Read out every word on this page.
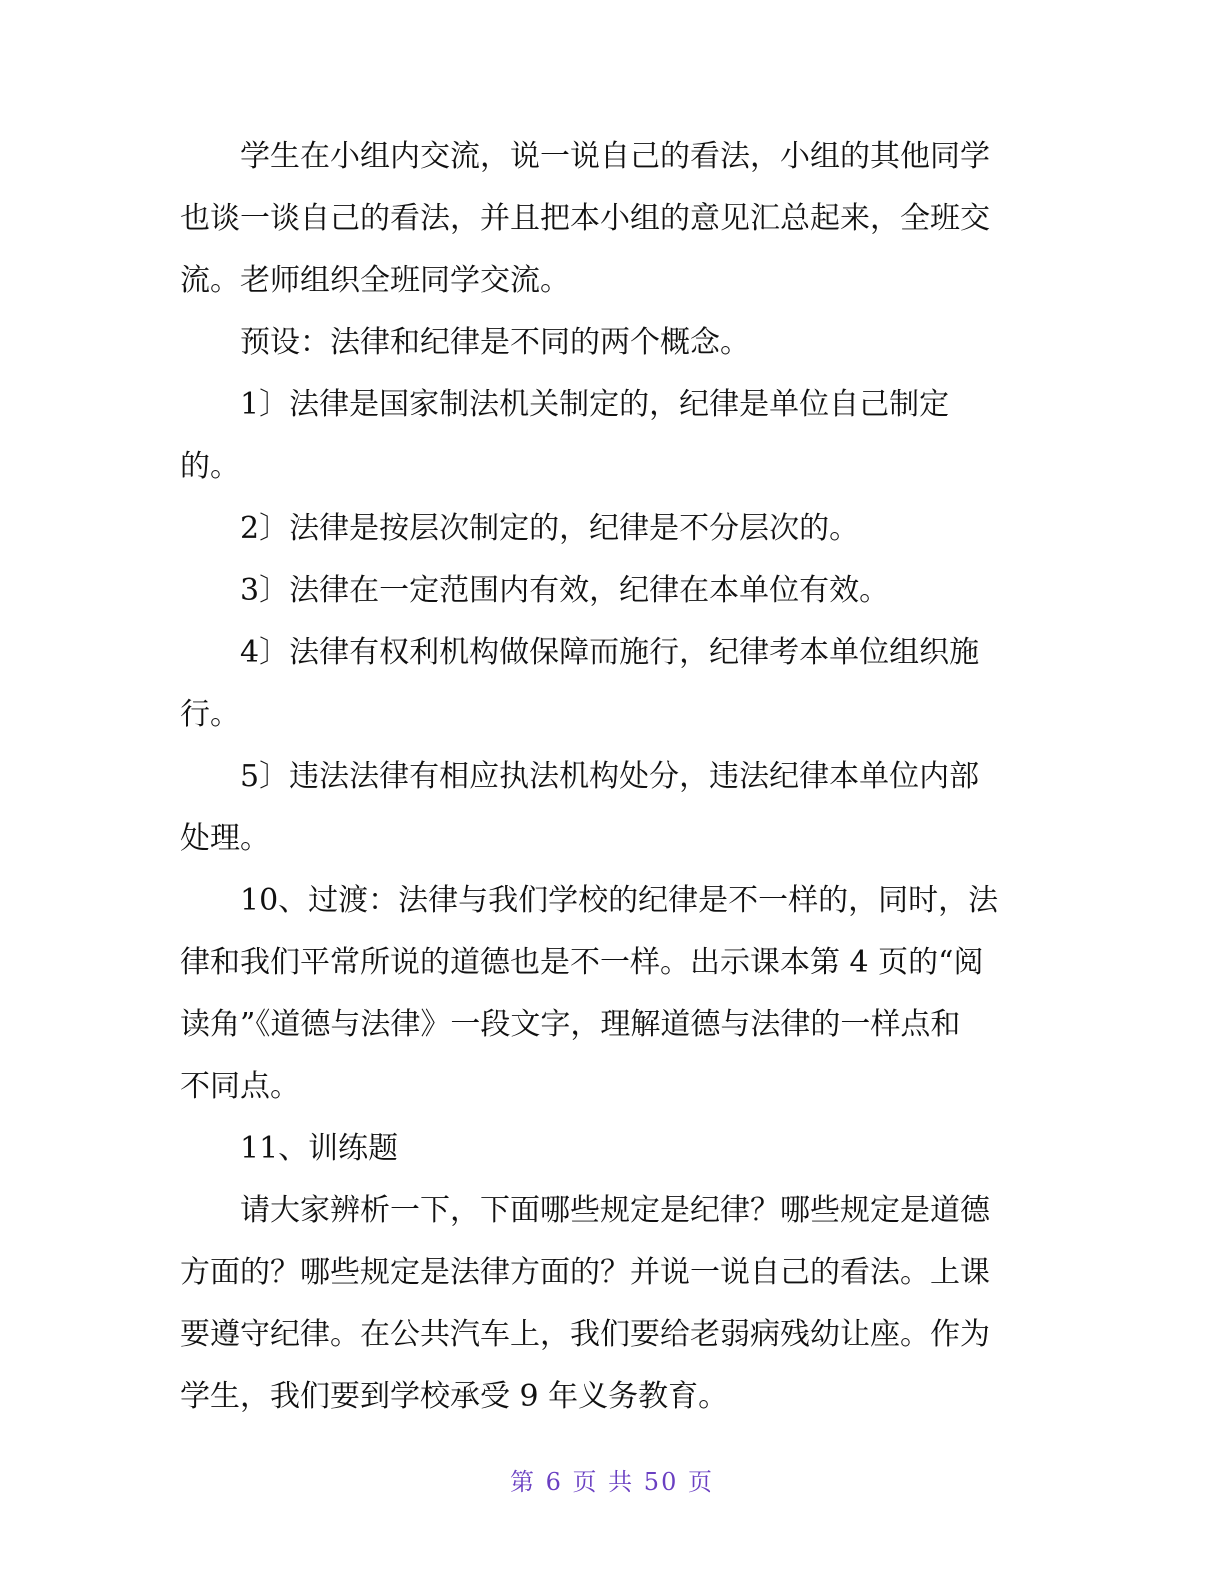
学生在小组内交流，说一说自己的看法，小组的其他同学
也谈一谈自己的看法，并且把本小组的意见汇总起来，全班交
流。老师组织全班同学交流。

预设：法律和纪律是不同的两个概念。

1〕法律是国家制法机关制定的，纪律是单位自己制定
的。

2〕法律是按层次制定的，纪律是不分层次的。

3〕法律在一定范围内有效，纪律在本单位有效。

4〕法律有权利机构做保障而施行，纪律考本单位组织施
行。

5〕违法法律有相应执法机构处分，违法纪律本单位内部
处理。

10、过渡：法律与我们学校的纪律是不一样的，同时，法
律和我们平常所说的道德也是不一样。出示课本第 4 页的“阅
读角”《道德与法律》一段文字，理解道德与法律的一样点和
不同点。

11、训练题

请大家辨析一下，下面哪些规定是纪律？哪些规定是道德
方面的？哪些规定是法律方面的？并说一说自己的看法。上课
要遵守纪律。在公共汽车上，我们要给老弱病残幼让座。作为
学生，我们要到学校承受 9 年义务教育。

第 6 页 共 50 页
